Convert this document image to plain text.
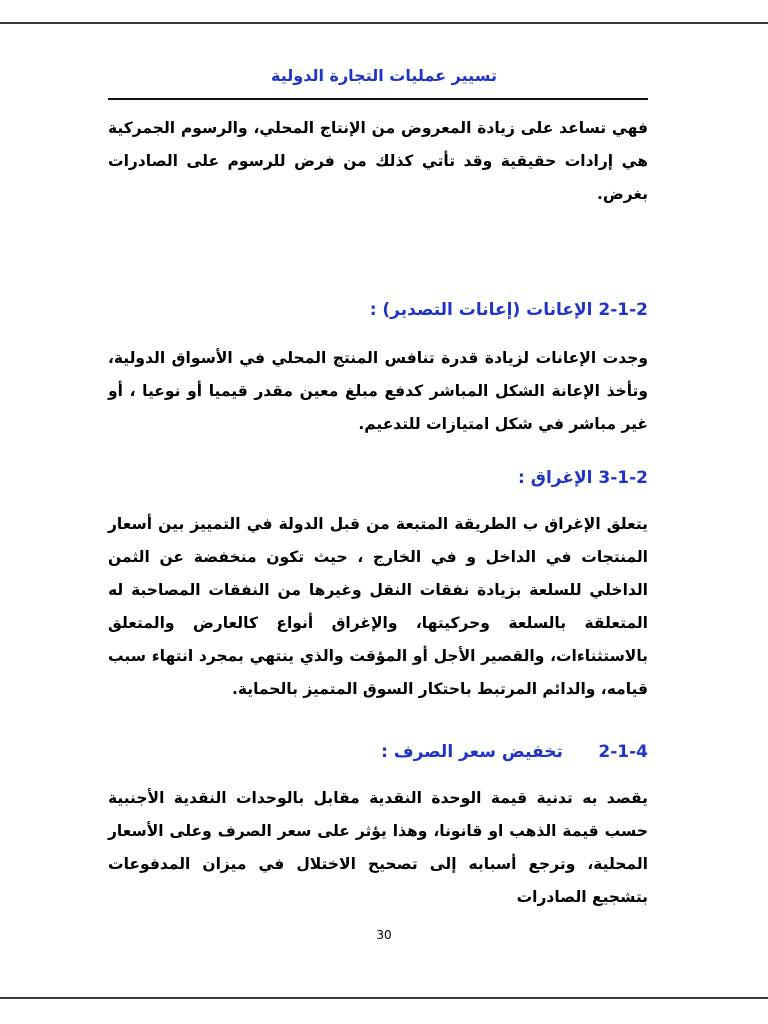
تسيير عمليات التجارة الدولية
فهي تساعد على زيادة المعروض من الإنتاج المحلي، والرسوم الجمركية هي إرادات حقيقية وقد تأتي كذلك من فرض للرسوم على الصادرات بغرض.
2-1-2 الإعانات (إعانات التصدير) :
وجدت الإعانات لزيادة قدرة تنافس المنتج المحلي في الأسواق الدولية، وتأخذ الإعانة الشكل المباشر كدفع مبلغ معين مقدر قيميا أو نوعيا ، أو غير مباشر في شكل امتيازات للتدعيم.
3-1-2 الإغراق :
يتعلق الإغراق ب الطريقة المتبعة من قبل الدولة في التمييز بين أسعار المنتجات في الداخل و في الخارج ، حيث تكون منخفضة عن الثمن الداخلي للسلعة بزيادة نفقات النقل وغيرها من النفقات المصاحبة له المتعلقة بالسلعة وحركيتها، والإغراق أنواع كالعارض والمتعلق بالاستثناءات، والقصير الأجل أو المؤقت والذي ينتهي بمجرد انتهاء سبب قيامه، والدائم المرتبط باحتكار السوق المتميز بالحماية.
2-1-4      تخفيض سعر الصرف :
يقصد به تدنية قيمة الوحدة النقدية مقابل بالوحدات النقدية الأجنبية حسب قيمة الذهب او قانونا، وهذا يؤثر على سعر الصرف وعلى الأسعار المحلية، وترجع أسبابه إلى تصحيح الاختلال في ميزان المدفوعات بتشجيع الصادرات
30
